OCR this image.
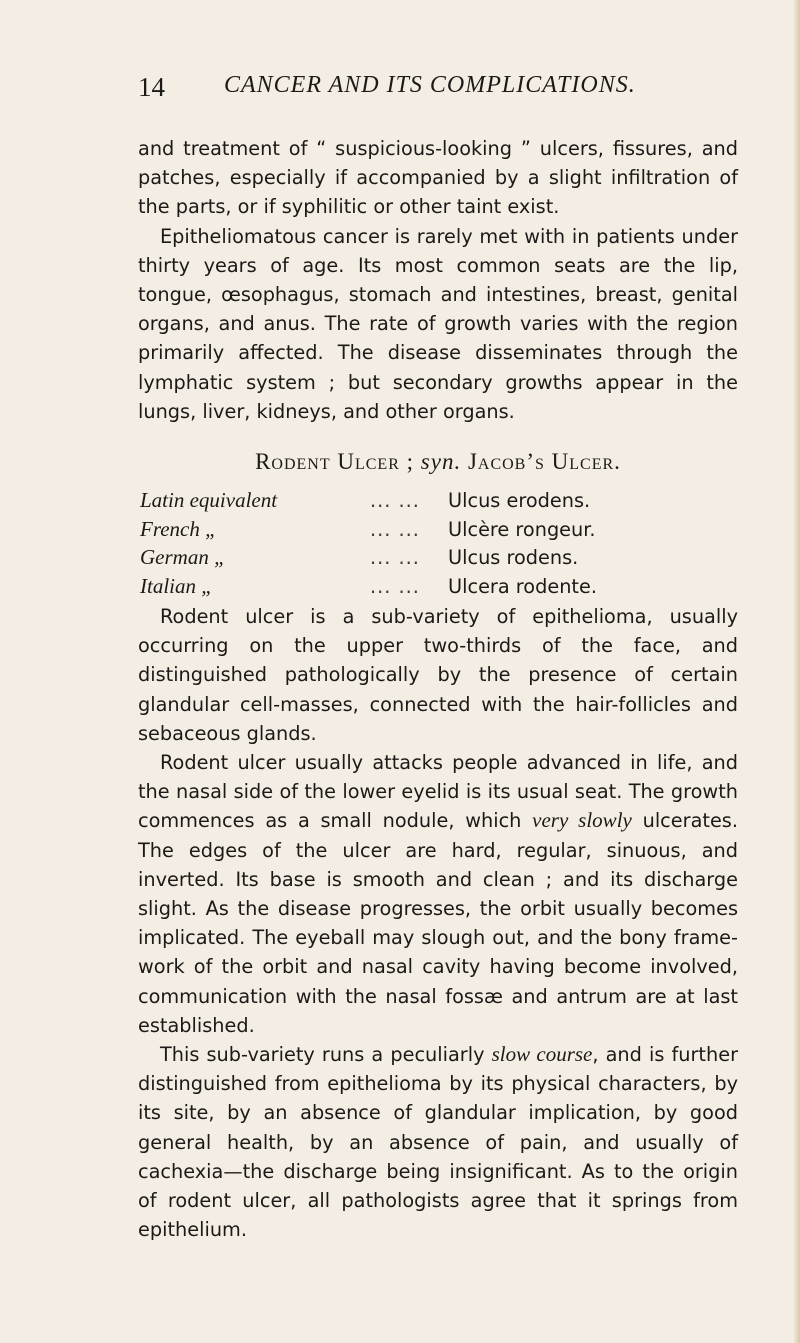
14 CANCER AND ITS COMPLICATIONS.

and treatment of “ suspicious-looking ” ulcers, fissures, and patches, especially if accompanied by a slight infiltration of the parts, or if syphilitic or other taint exist.

Epitheliomatous cancer is rarely met with in patients under thirty years of age. Its most common seats are the lip, tongue, œsophagus, stomach and intestines, breast, genital organs, and anus. The rate of growth varies with the region primarily affected. The disease disseminates through the lymphatic system ; but secondary growths appear in the lungs, liver, kidneys, and other organs.

Rodent Ulcer ; syn. Jacob’s Ulcer.
Latin equivalent	... ...	Ulcus erodens.
French „	... ...	Ulcère rongeur.
German „	... ...	Ulcus rodens.
Italian „	... ...	Ulcera rodente.

Rodent ulcer is a sub-variety of epithelioma, usually occurring on the upper two-thirds of the face, and distinguished pathologically by the presence of certain glandular cell-masses, connected with the hair-follicles and sebaceous glands.

Rodent ulcer usually attacks people advanced in life, and the nasal side of the lower eyelid is its usual seat. The growth commences as a small nodule, which very slowly ulcerates. The edges of the ulcer are hard, regular, sinuous, and inverted. Its base is smooth and clean ; and its discharge slight. As the disease progresses, the orbit usually becomes implicated. The eyeball may slough out, and the bony frame-work of the orbit and nasal cavity having become involved, communication with the nasal fossæ and antrum are at last established.

This sub-variety runs a peculiarly slow course, and is further distinguished from epithelioma by its physical characters, by its site, by an absence of glandular implication, by good general health, by an absence of pain, and usually of cachexia—the discharge being insignificant. As to the origin of rodent ulcer, all pathologists agree that it springs from epithelium.
